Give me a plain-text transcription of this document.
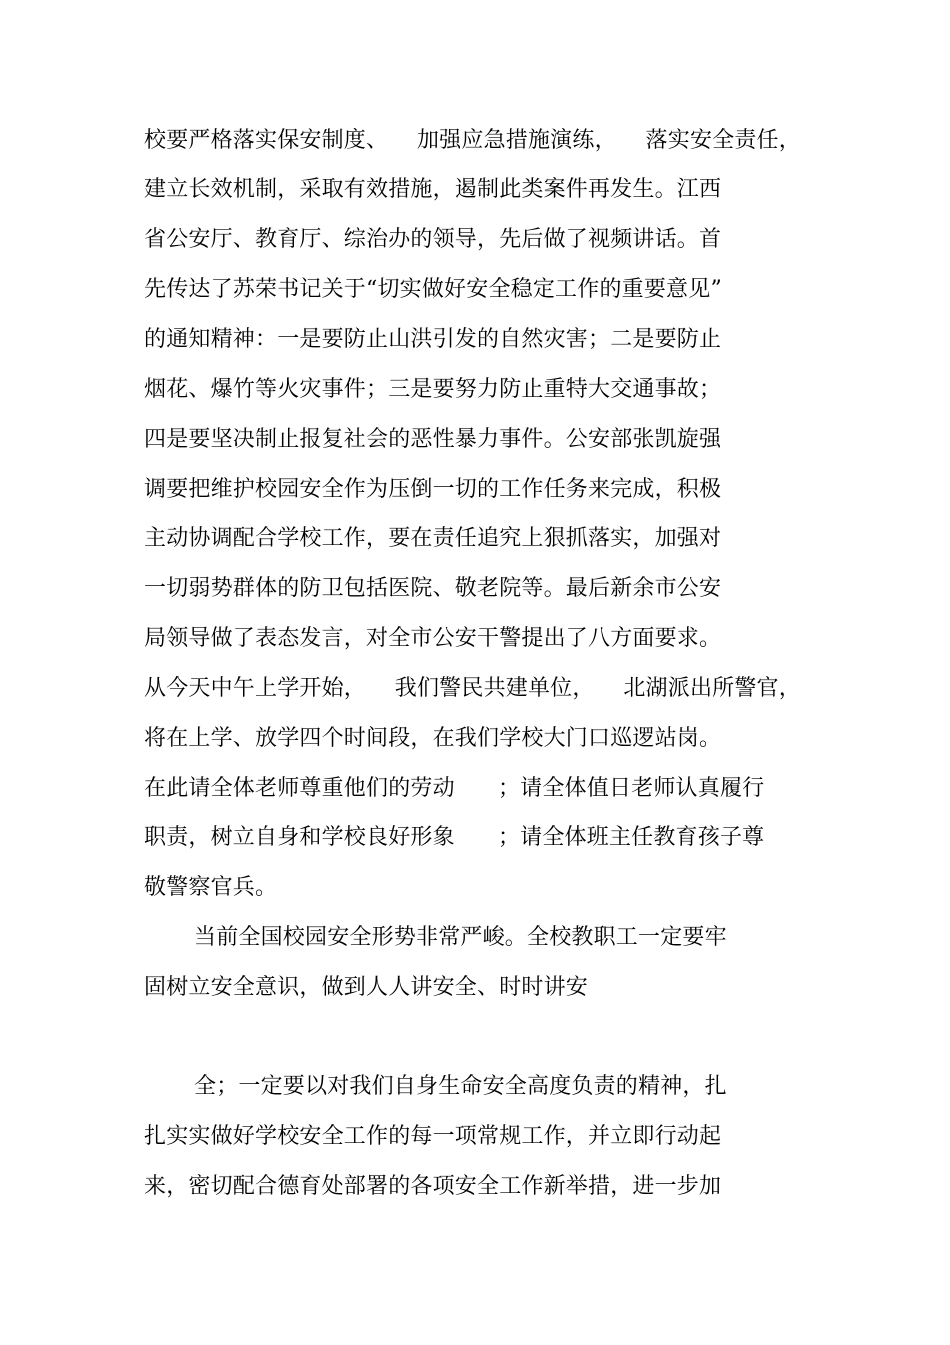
校要严格落实保安制度、    加强应急措施演练，    落实安全责任，
建立长效机制，采取有效措施，遏制此类案件再发生。江西
省公安厅、教育厅、综治办的领导，先后做了视频讲话。首
先传达了苏荣书记关于“切实做好安全稳定工作的重要意见”
的通知精神：一是要防止山洪引发的自然灾害；二是要防止
烟花、爆竹等火灾事件；三是要努力防止重特大交通事故；
四是要坚决制止报复社会的恶性暴力事件。公安部张凯旋强
调要把维护校园安全作为压倒一切的工作任务来完成，积极
主动协调配合学校工作，要在责任追究上狠抓落实，加强对
一切弱势群体的防卫包括医院、敬老院等。最后新余市公安
局领导做了表态发言，对全市公安干警提出了八方面要求。
从今天中午上学开始，    我们警民共建单位，    北湖派出所警官，
将在上学、放学四个时间段，在我们学校大门口巡逻站岗。
在此请全体老师尊重他们的劳动      ；请全体值日老师认真履行
职责，树立自身和学校良好形象      ；请全体班主任教育孩子尊
敬警察官兵。
当前全国校园安全形势非常严峻。全校教职工一定要牢
固树立安全意识，做到人人讲安全、时时讲安
全；一定要以对我们自身生命安全高度负责的精神，扎
扎实实做好学校安全工作的每一项常规工作，并立即行动起
来，密切配合德育处部署的各项安全工作新举措，进一步加
